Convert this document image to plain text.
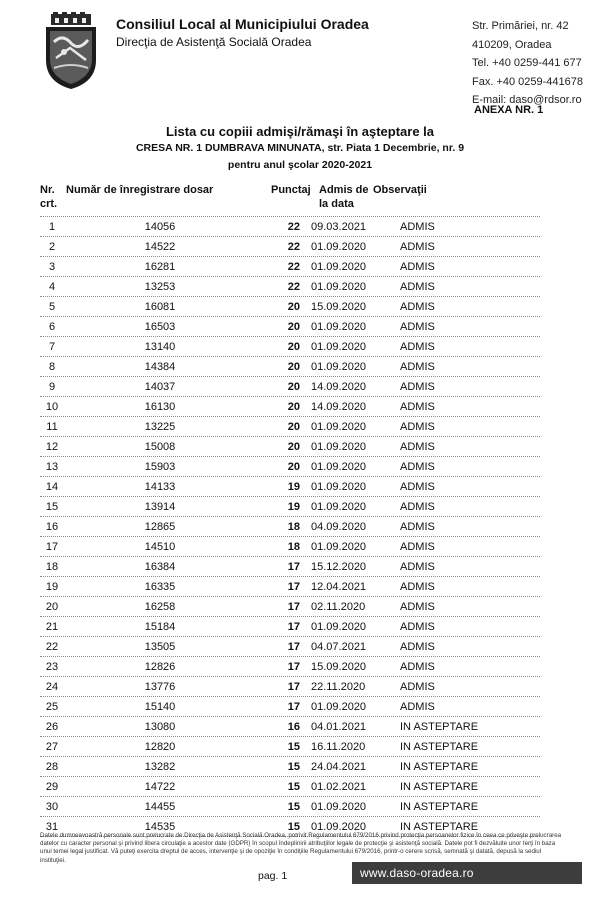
Consiliul Local al Municipiului Oradea
Direcţia de Asistenţă Socială Oradea
Str. Primăriei, nr. 42
410209, Oradea
Tel. +40 0259-441 677
Fax. +40 0259-441678
E-mail: daso@rdsor.ro
ANEXA NR. 1
Lista cu copiii admişi/rămaşi în aşteptare la
CRESA NR. 1 DUMBRAVA MINUNATA, str. Piata 1 Decembrie, nr. 9
pentru anul şcolar 2020-2021
Nr.
crt.
Număr de înregistrare dosar	Punctaj Admis de
la data
Observaţii
1	14056	22 09.03.2021	ADMIS
2	14522	22 01.09.2020	ADMIS
3	16281	22 01.09.2020	ADMIS
4	13253	22 01.09.2020	ADMIS
5	16081	20 15.09.2020	ADMIS
6	16503	20 01.09.2020	ADMIS
7	13140	20 01.09.2020	ADMIS
8	14384	20 01.09.2020	ADMIS
9	14037	20 14.09.2020	ADMIS
10	16130	20 14.09.2020	ADMIS
11	13225	20 01.09.2020	ADMIS
12	15008	20 01.09.2020	ADMIS
13	15903	20 01.09.2020	ADMIS
14	14133	19 01.09.2020	ADMIS
15	13914	19 01.09.2020	ADMIS
16	12865	18 04.09.2020	ADMIS
17	14510	18 01.09.2020	ADMIS
18	16384	17 15.12.2020	ADMIS
19	16335	17 12.04.2021	ADMIS
20	16258	17 02.11.2020	ADMIS
21	15184	17 01.09.2020	ADMIS
22	13505	17 04.07.2021	ADMIS
23	12826	17 15.09.2020	ADMIS
24	13776	17 22.11.2020	ADMIS
25	15140	17 01.09.2020	ADMIS
26	13080	16 04.01.2021	IN ASTEPTARE
27	12820	15 16.11.2020	IN ASTEPTARE
28	13282	15 24.04.2021	IN ASTEPTARE
29	14722	15 01.02.2021	IN ASTEPTARE
30	14455	15 01.09.2020	IN ASTEPTARE
31	14535	15 01.09.2020	IN ASTEPTARE
Datele dumneavoastră personale sunt prelucrate de Direcţia de Asistenţă Socială Oradea, potrivit Regulamentului 679/2016 privind protecţia persoanelor fizice în ceea ce priveşte prelucrarea datelor cu caracter personal şi privind libera circulaţie a acestor date (GDPR) în scopul îndeplinirii atribuţiilor legale de protecţie şi asistenţă socială. Datele pot fi dezvăluite unor terţi în baza unui temei legal justificat. Vă puteţi exercita dreptul de acces, intervenţie şi de opoziţie în condiţiile Regulamentului 679/2016, printr-o cerere scrisă, semnată şi datată, depusă la sediul instituţiei.
pag. 1	www.daso-oradea.ro
